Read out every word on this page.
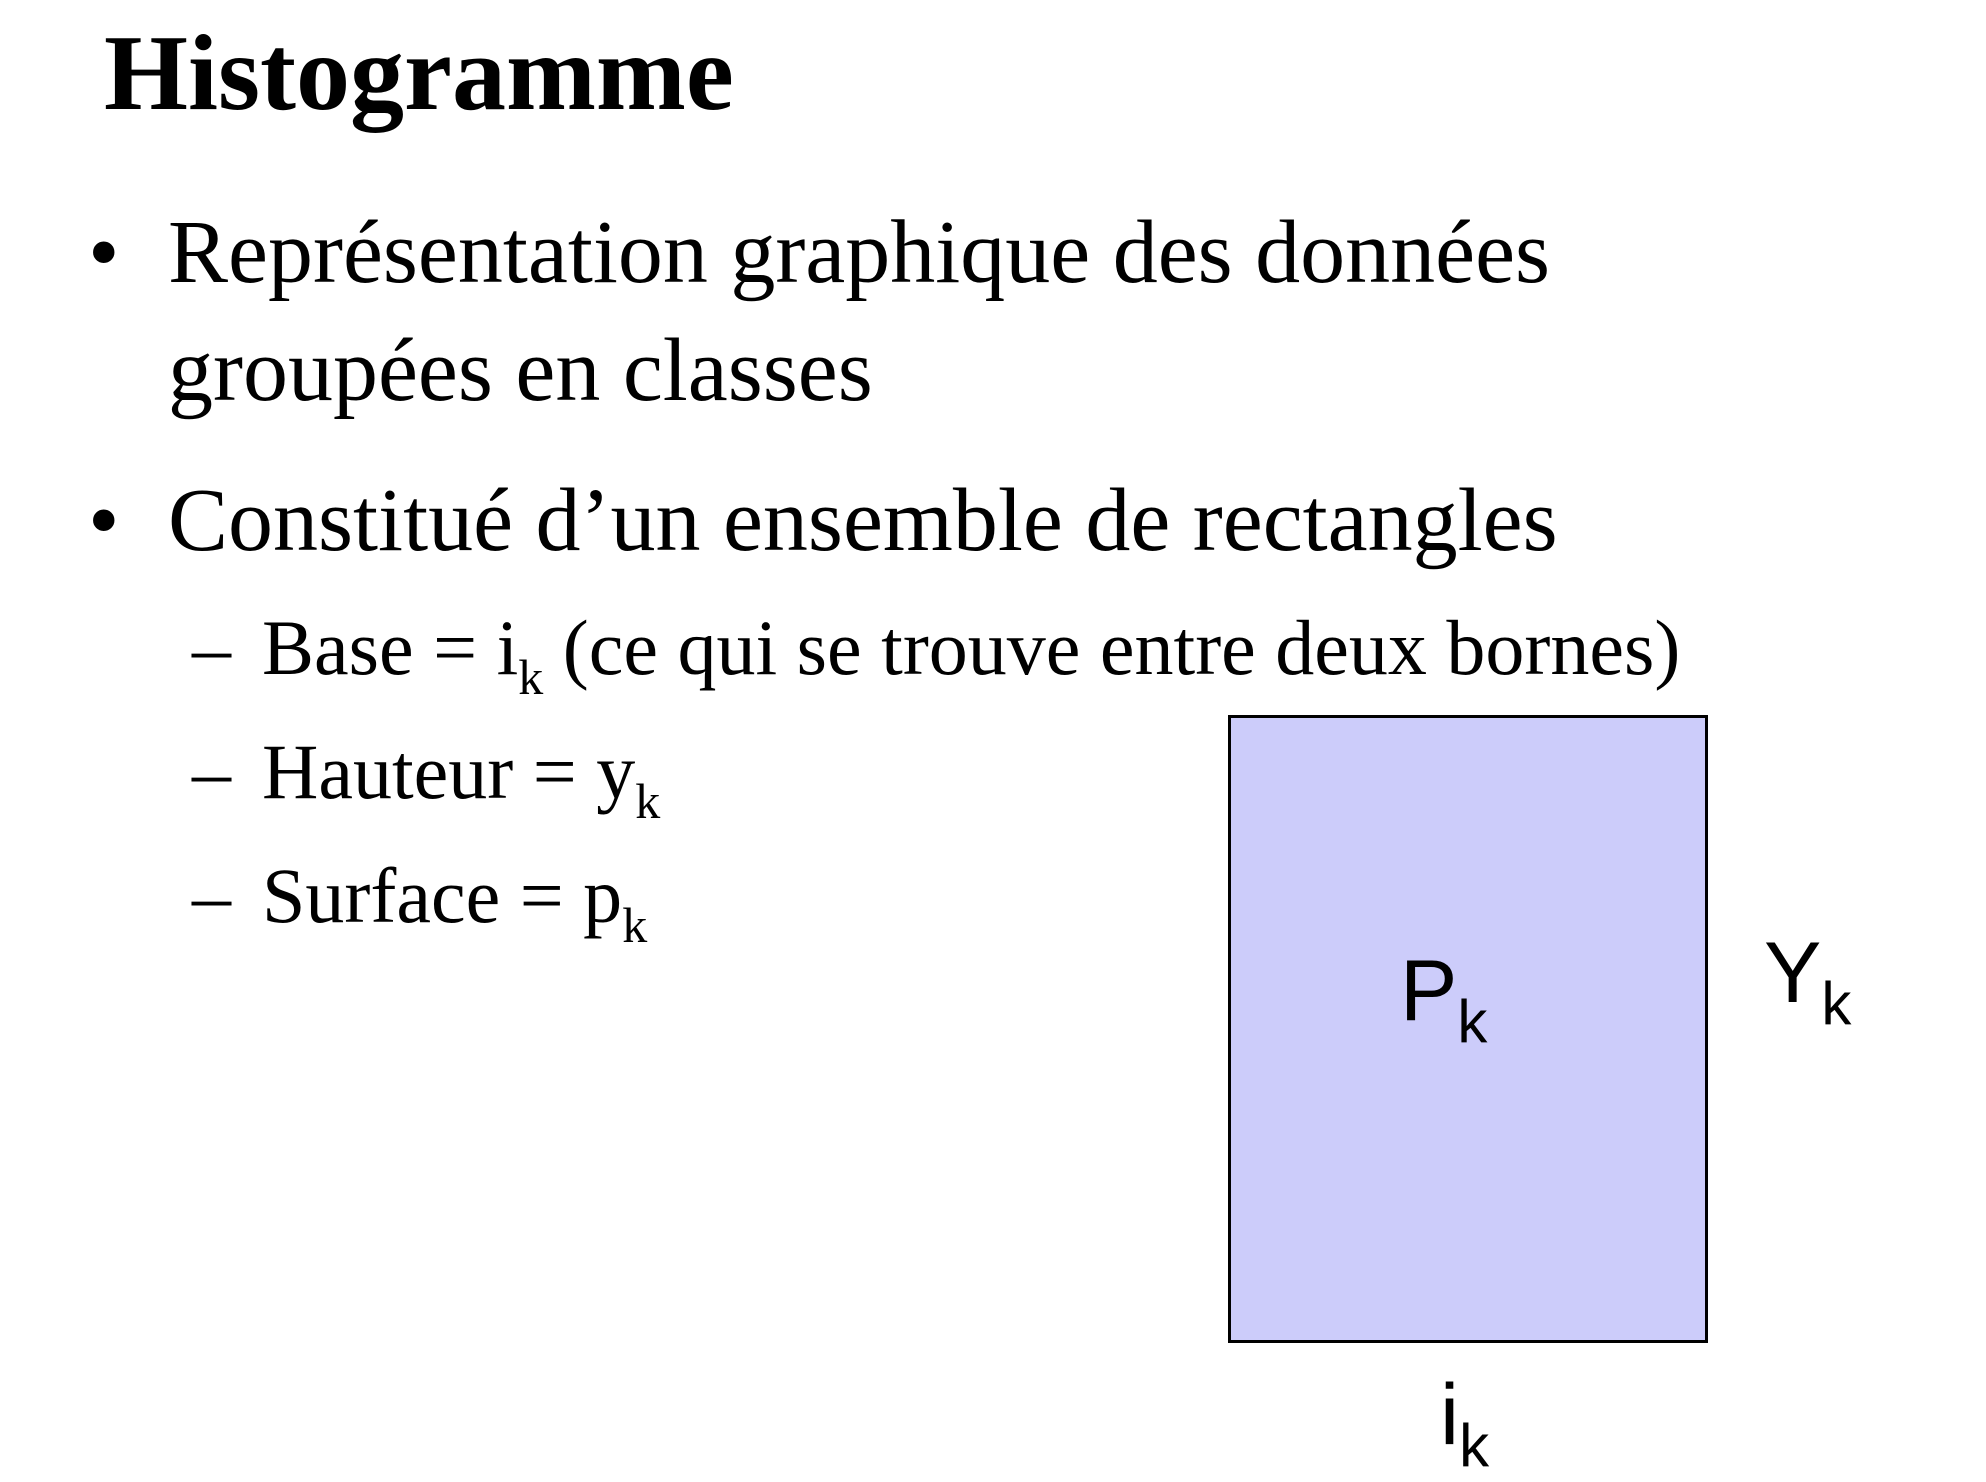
Histogramme
• Représentation graphique des données
groupées en classes
• Constitué d’un ensemble de rectangles
– Base = $i_k$ (ce qui se trouve entre deux bornes)
– Hauteur = $y_k$
– Surface = $p_k$
$P_k$
$Y_k$
$i_k$
